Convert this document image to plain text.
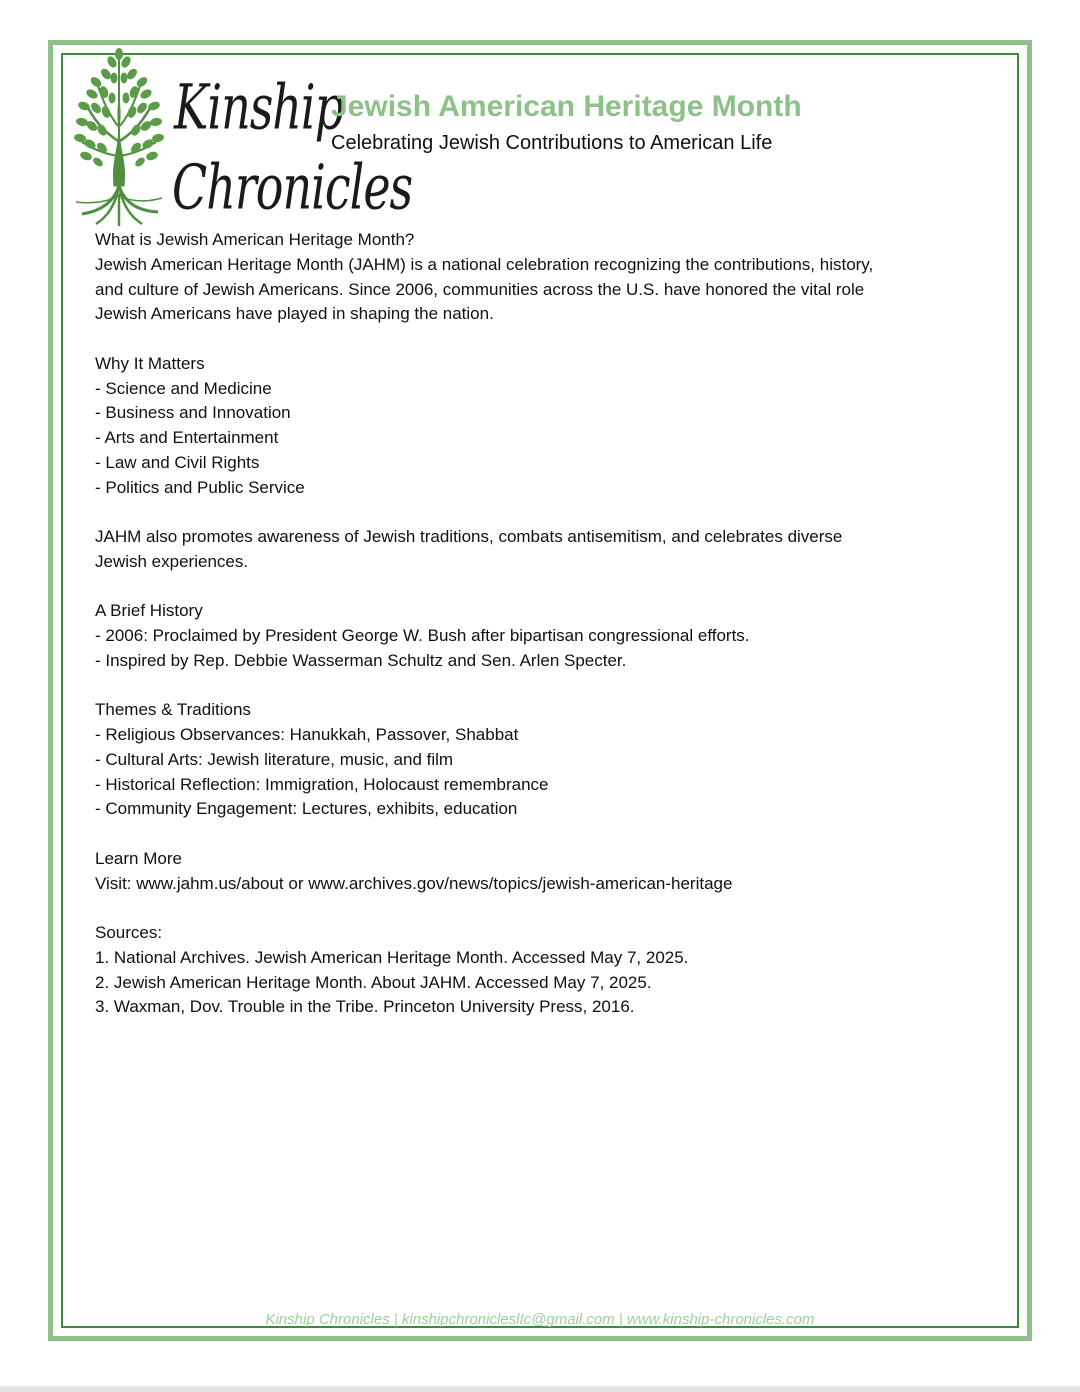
Kinship
Chronicles
Jewish American Heritage Month

Celebrating Jewish Contributions to American Life

What is Jewish American Heritage Month?

Jewish American Heritage Month (JAHM) is a national celebration recognizing the contributions, history,

and culture of Jewish Americans. Since 2006, communities across the U.S. have honored the vital role

Jewish Americans have played in shaping the nation.

Why It Matters

- Science and Medicine
- Business and Innovation
- Arts and Entertainment
- Law and Civil Rights
- Politics and Public Service

JAHM also promotes awareness of Jewish traditions, combats antisemitism, and celebrates diverse

Jewish experiences.

A Brief History

- 2006: Proclaimed by President George W. Bush after bipartisan congressional efforts.
- Inspired by Rep. Debbie Wasserman Schultz and Sen. Arlen Specter.

Themes & Traditions

- Religious Observances: Hanukkah, Passover, Shabbat
- Cultural Arts: Jewish literature, music, and film
- Historical Reflection: Immigration, Holocaust remembrance
- Community Engagement: Lectures, exhibits, education

Learn More

Visit: www.jahm.us/about or www.archives.gov/news/topics/jewish-american-heritage

Sources:

1. National Archives. Jewish American Heritage Month. Accessed May 7, 2025.
2. Jewish American Heritage Month. About JAHM. Accessed May 7, 2025.
3. Waxman, Dov. Trouble in the Tribe. Princeton University Press, 2016.
Kinship Chronicles | kinshipchronicleslIc@gmail.com | www.kinship-chronicles.com
